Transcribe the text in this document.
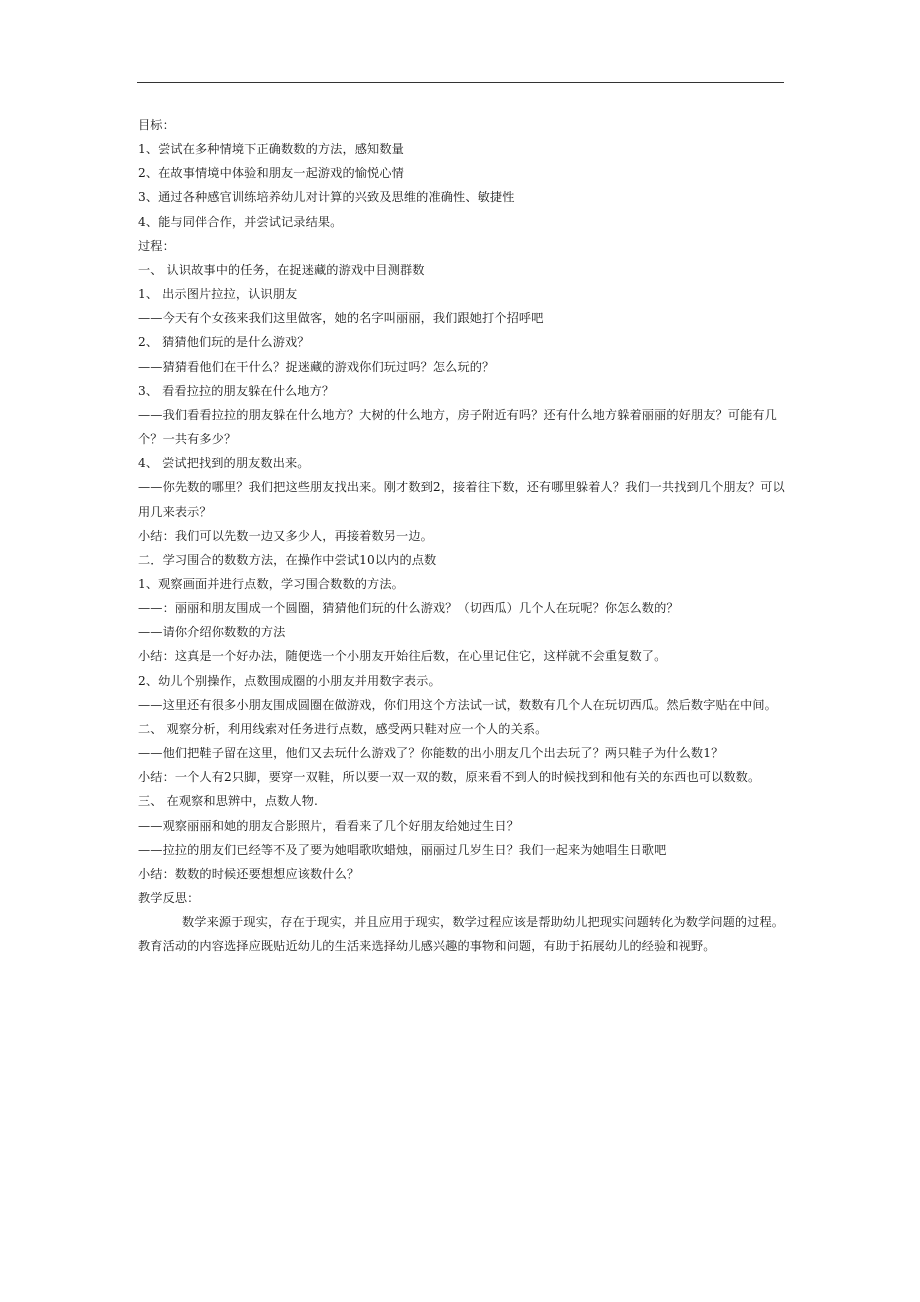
目标：
1、尝试在多种情境下正确数数的方法，感知数量
2、在故事情境中体验和朋友一起游戏的愉悦心情
3、通过各种感官训练培养幼儿对计算的兴致及思维的准确性、敏捷性
4、能与同伴合作，并尝试记录结果。
过程：
一、 认识故事中的任务，在捉迷藏的游戏中目测群数
1、 出示图片拉拉，认识朋友
——今天有个女孩来我们这里做客，她的名字叫丽丽，我们跟她打个招呼吧
2、 猜猜他们玩的是什么游戏？
——猜猜看他们在干什么？捉迷藏的游戏你们玩过吗？怎么玩的？
3、 看看拉拉的朋友躲在什么地方？
——我们看看拉拉的朋友躲在什么地方？大树的什么地方，房子附近有吗？还有什么地方躲着丽丽的好朋友？可能有几个？一共有多少？
4、 尝试把找到的朋友数出来。
——你先数的哪里？我们把这些朋友找出来。刚才数到2，接着往下数，还有哪里躲着人？我们一共找到几个朋友？可以用几来表示？
小结：我们可以先数一边又多少人，再接着数另一边。
二．学习围合的数数方法，在操作中尝试10以内的点数
1、观察画面并进行点数，学习围合数数的方法。
——：丽丽和朋友围成一个圆圈，猜猜他们玩的什么游戏？（切西瓜）几个人在玩呢？你怎么数的？
——请你介绍你数数的方法
小结：这真是一个好办法，随便选一个小朋友开始往后数，在心里记住它，这样就不会重复数了。
2、幼儿个别操作，点数围成圈的小朋友并用数字表示。
——这里还有很多小朋友围成圆圈在做游戏，你们用这个方法试一试，数数有几个人在玩切西瓜。然后数字贴在中间。
二、 观察分析，利用线索对任务进行点数，感受两只鞋对应一个人的关系。
——他们把鞋子留在这里，他们又去玩什么游戏了？你能数的出小朋友几个出去玩了？两只鞋子为什么数1？
小结：一个人有2只脚，要穿一双鞋，所以要一双一双的数，原来看不到人的时候找到和他有关的东西也可以数数。
三、 在观察和思辨中，点数人物.
——观察丽丽和她的朋友合影照片，看看来了几个好朋友给她过生日？
——拉拉的朋友们已经等不及了要为她唱歌吹蜡烛，丽丽过几岁生日？我们一起来为她唱生日歌吧
小结：数数的时候还要想想应该数什么？
教学反思：
数学来源于现实，存在于现实，并且应用于现实，数学过程应该是帮助幼儿把现实问题转化为数学问题的过程。教育活动的内容选择应既贴近幼儿的生活来选择幼儿感兴趣的事物和问题，有助于拓展幼儿的经验和视野。
